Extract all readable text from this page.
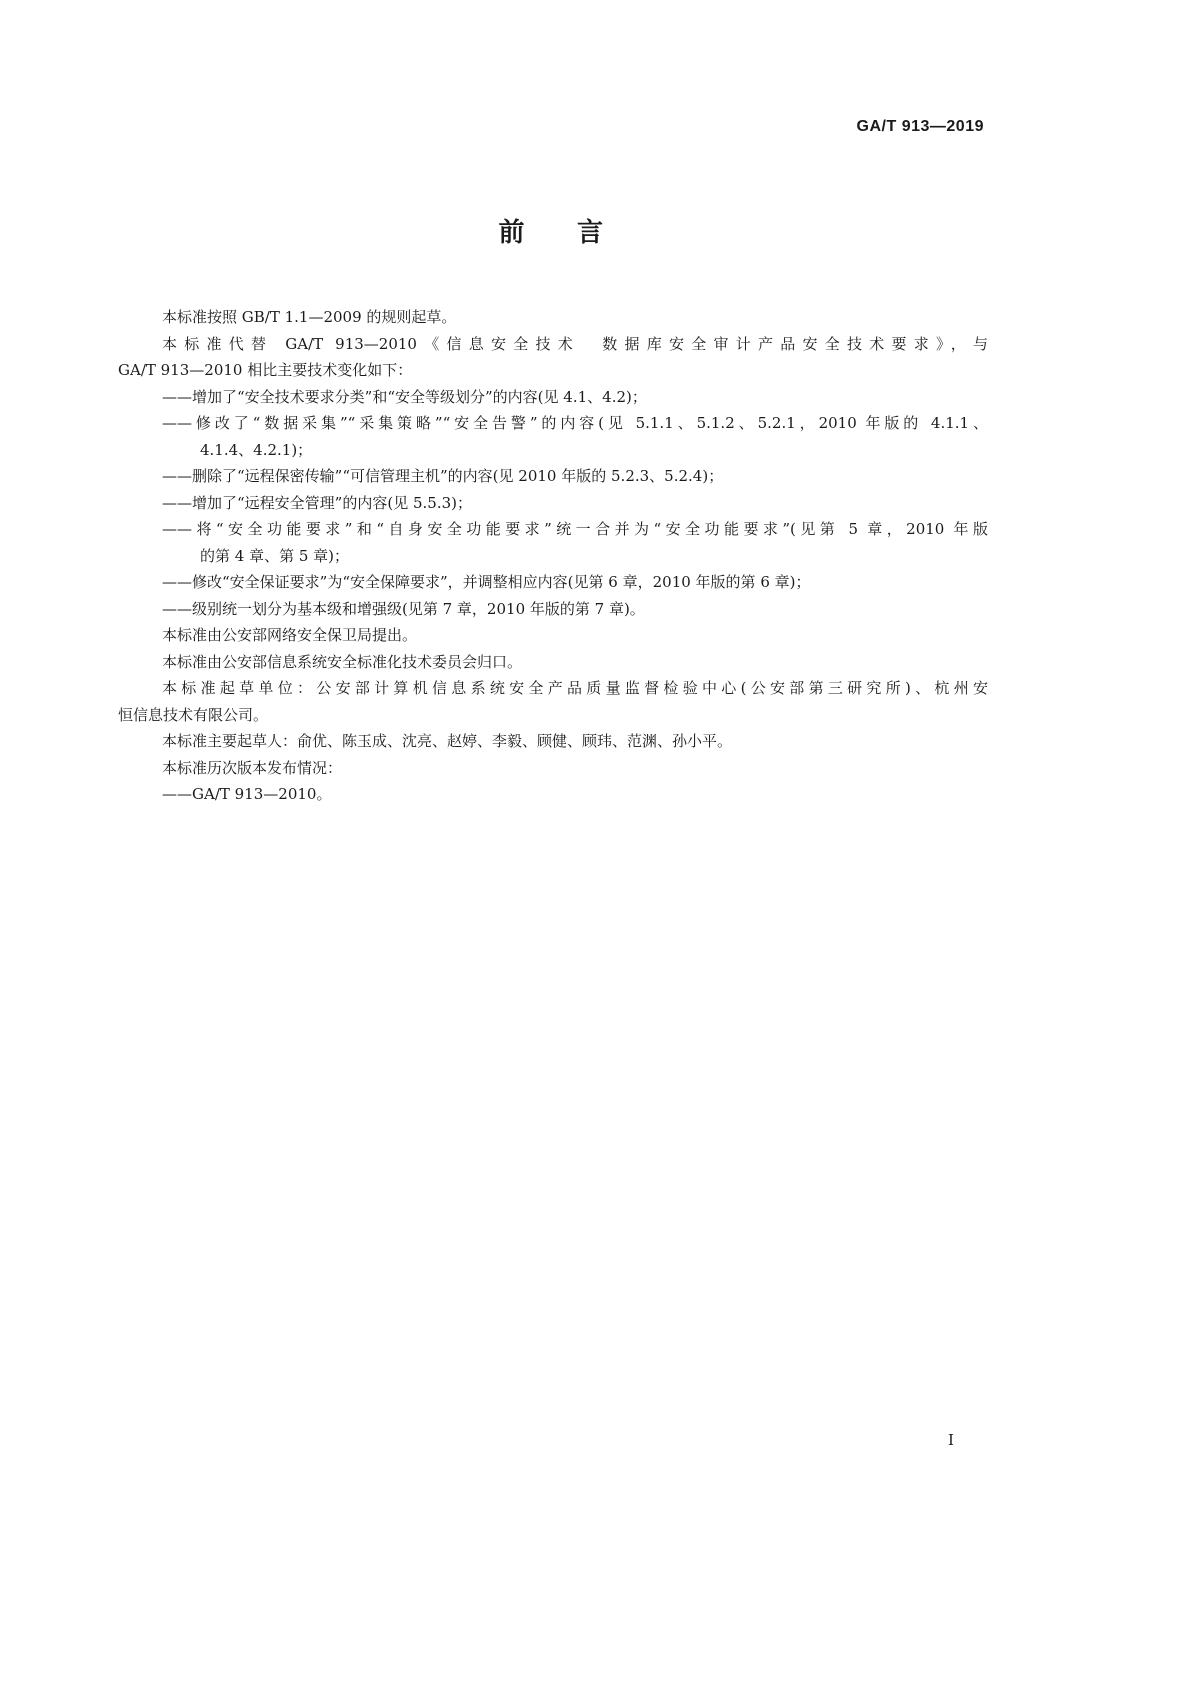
GA/T 913—2019
前 言
本标准按照 GB/T 1.1—2009 的规则起草。
本标准代替 GA/T 913—2010《信息安全技术　数据库安全审计产品安全技术要求》，与
GA/T 913—2010 相比主要技术变化如下：
——增加了“安全技术要求分类”和“安全等级划分”的内容(见 4.1、4.2)；
——修改了“数据采集”“采集策略”“安全告警”的内容(见 5.1.1、5.1.2、5.2.1，2010 年版的 4.1.1、
4.1.4、4.2.1)；
——删除了“远程保密传输”“可信管理主机”的内容(见 2010 年版的 5.2.3、5.2.4)；
——增加了“远程安全管理”的内容(见 5.5.3)；
——将“安全功能要求”和“自身安全功能要求”统一合并为“安全功能要求”(见第 5 章，2010 年版
的第 4 章、第 5 章)；
——修改“安全保证要求”为“安全保障要求”，并调整相应内容(见第 6 章，2010 年版的第 6 章)；
——级别统一划分为基本级和增强级(见第 7 章，2010 年版的第 7 章)。
本标准由公安部网络安全保卫局提出。
本标准由公安部信息系统安全标准化技术委员会归口。
本标准起草单位：公安部计算机信息系统安全产品质量监督检验中心(公安部第三研究所)、杭州安
恒信息技术有限公司。
本标准主要起草人：俞优、陈玉成、沈亮、赵婷、李毅、顾健、顾玮、范渊、孙小平。
本标准历次版本发布情况：
——GA/T 913—2010。
I
